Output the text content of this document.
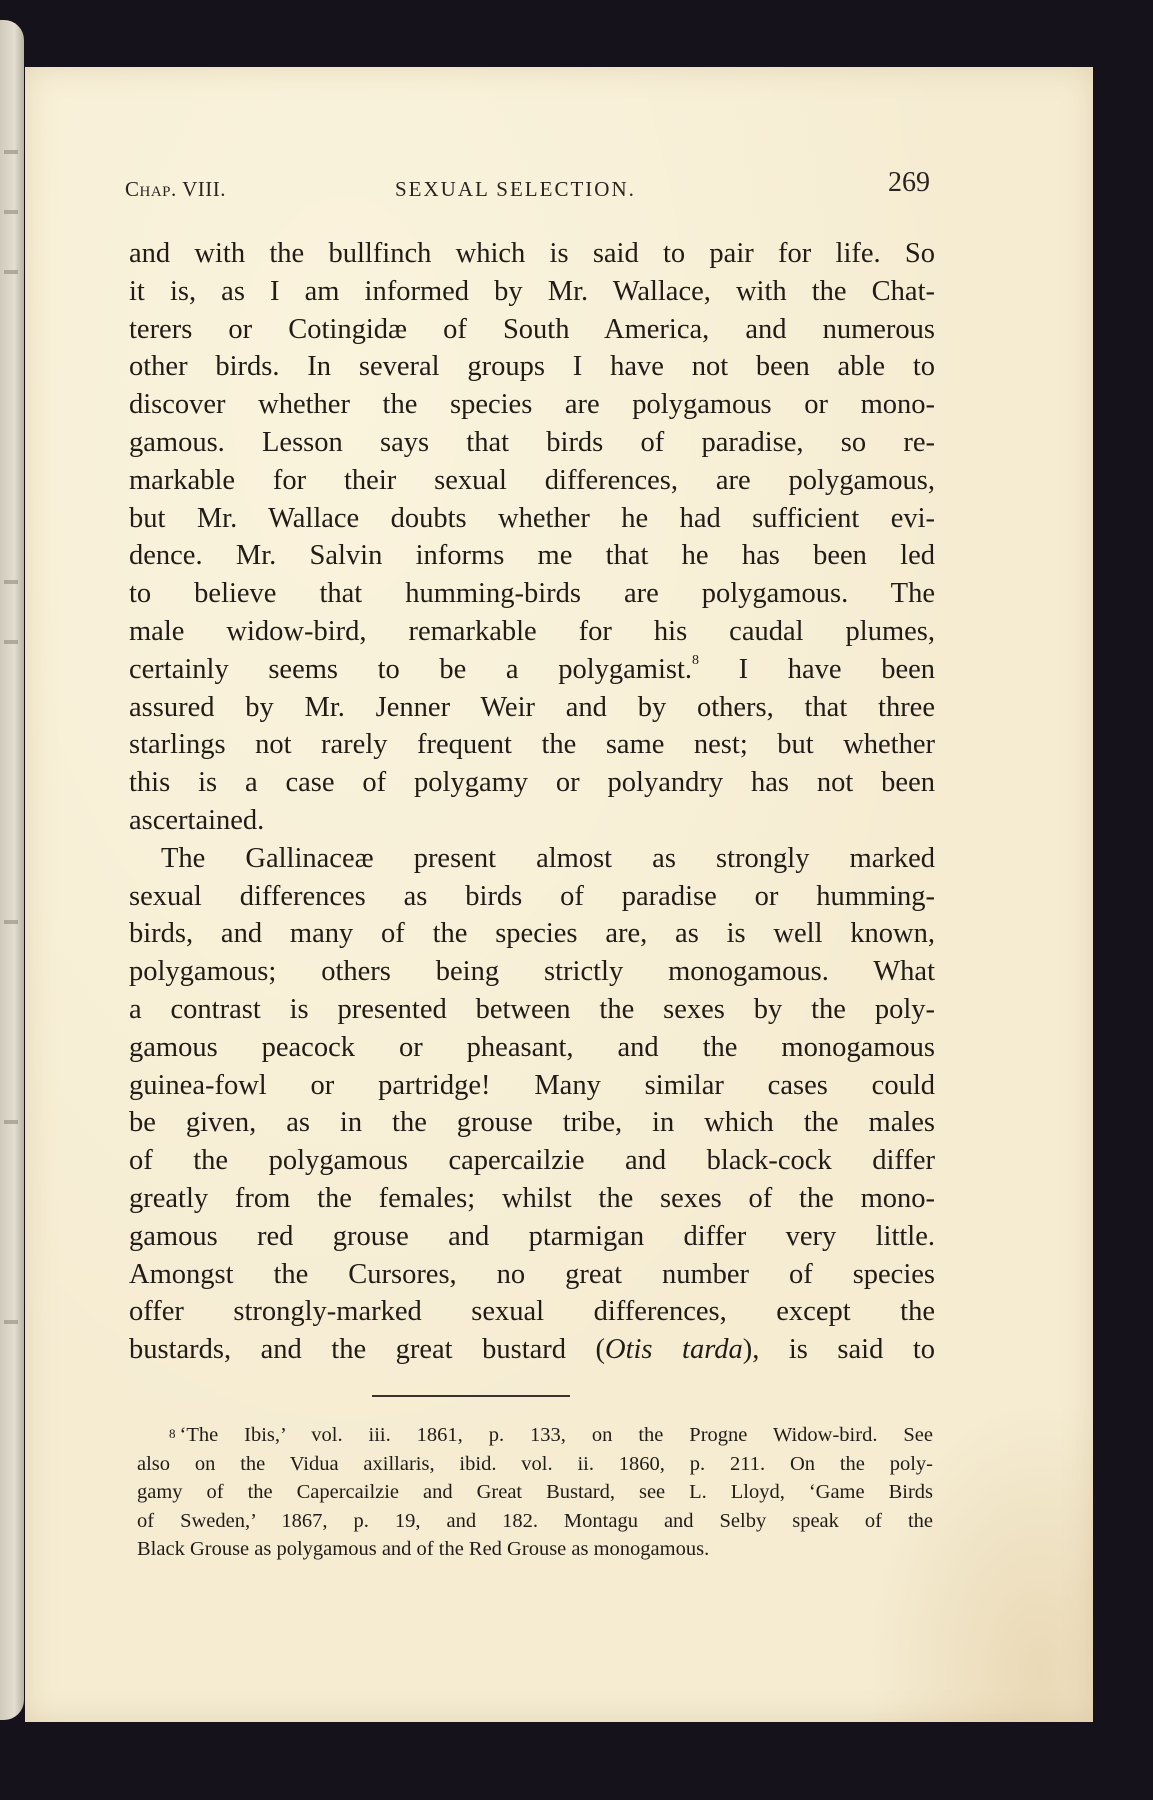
Chap. VIII.	SEXUAL SELECTION.	269
and with the bullfinch which is said to pair for life. So
it is, as I am informed by Mr. Wallace, with the Chat-
terers or Cotingidæ of South America, and numerous
other birds. In several groups I have not been able to
discover whether the species are polygamous or mono-
gamous. Lesson says that birds of paradise, so re-
markable for their sexual differences, are polygamous,
but Mr. Wallace doubts whether he had sufficient evi-
dence. Mr. Salvin informs me that he has been led
to believe that humming-birds are polygamous. The
male widow-bird, remarkable for his caudal plumes,
certainly seems to be a polygamist.$^8$ I have been
assured by Mr. Jenner Weir and by others, that three
starlings not rarely frequent the same nest; but whether
this is a case of polygamy or polyandry has not been
ascertained.
The Gallinaceæ present almost as strongly marked
sexual differences as birds of paradise or humming-
birds, and many of the species are, as is well known,
polygamous; others being strictly monogamous. What
a contrast is presented between the sexes by the poly-
gamous peacock or pheasant, and the monogamous
guinea-fowl or partridge! Many similar cases could
be given, as in the grouse tribe, in which the males
of the polygamous capercailzie and black-cock differ
greatly from the females; whilst the sexes of the mono-
gamous red grouse and ptarmigan differ very little.
Amongst the Cursores, no great number of species
offer strongly-marked sexual differences, except the
bustards, and the great bustard (Otis tarda), is said to
8 ‘The Ibis,’ vol. iii. 1861, p. 133, on the Progne Widow-bird. See
also on the Vidua axillaris, ibid. vol. ii. 1860, p. 211. On the poly-
gamy of the Capercailzie and Great Bustard, see L. Lloyd, ‘Game Birds
of Sweden,’ 1867, p. 19, and 182. Montagu and Selby speak of the
Black Grouse as polygamous and of the Red Grouse as monogamous.
